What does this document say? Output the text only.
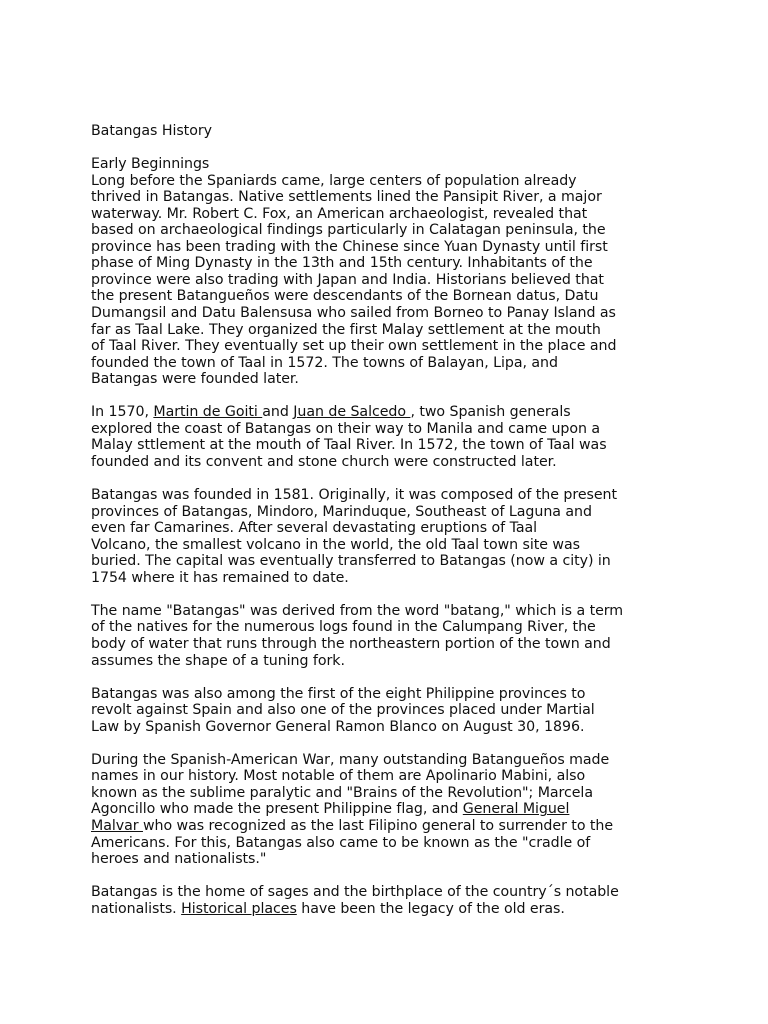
Batangas History
Early Beginnings
Long before the Spaniards came, large centers of population already
thrived in Batangas. Native settlements lined the Pansipit River, a major
waterway. Mr. Robert C. Fox, an American archaeologist, revealed that
based on archaeological findings particularly in Calatagan peninsula, the
province has been trading with the Chinese since Yuan Dynasty until first
phase of Ming Dynasty in the 13th and 15th century. Inhabitants of the
province were also trading with Japan and India. Historians believed that
the present Batangueños were descendants of the Bornean datus, Datu
Dumangsil and Datu Balensusa who sailed from Borneo to Panay Island as
far as Taal Lake. They organized the first Malay settlement at the mouth
of Taal River. They eventually set up their own settlement in the place and
founded the town of Taal in 1572. The towns of Balayan, Lipa, and
Batangas were founded later.
In 1570, Martin de Goiti and Juan de Salcedo , two Spanish generals
explored the coast of Batangas on their way to Manila and came upon a
Malay sttlement at the mouth of Taal River. In 1572, the town of Taal was
founded and its convent and stone church were constructed later.
Batangas was founded in 1581. Originally, it was composed of the present
provinces of Batangas, Mindoro, Marinduque, Southeast of Laguna and
even far Camarines. After several devastating eruptions of Taal
Volcano, the smallest volcano in the world, the old Taal town site was
buried. The capital was eventually transferred to Batangas (now a city) in
1754 where it has remained to date.
The name "Batangas" was derived from the word "batang," which is a term
of the natives for the numerous logs found in the Calumpang River, the
body of water that runs through the northeastern portion of the town and
assumes the shape of a tuning fork.
Batangas was also among the first of the eight Philippine provinces to
revolt against Spain and also one of the provinces placed under Martial
Law by Spanish Governor General Ramon Blanco on August 30, 1896.
During the Spanish-American War, many outstanding Batangueños made
names in our history. Most notable of them are Apolinario Mabini, also
known as the sublime paralytic and "Brains of the Revolution"; Marcela
Agoncillo who made the present Philippine flag, and General Miguel
Malvar who was recognized as the last Filipino general to surrender to the
Americans. For this, Batangas also came to be known as the "cradle of
heroes and nationalists."
Batangas is the home of sages and the birthplace of the country´s notable
nationalists. Historical places have been the legacy of the old eras.
